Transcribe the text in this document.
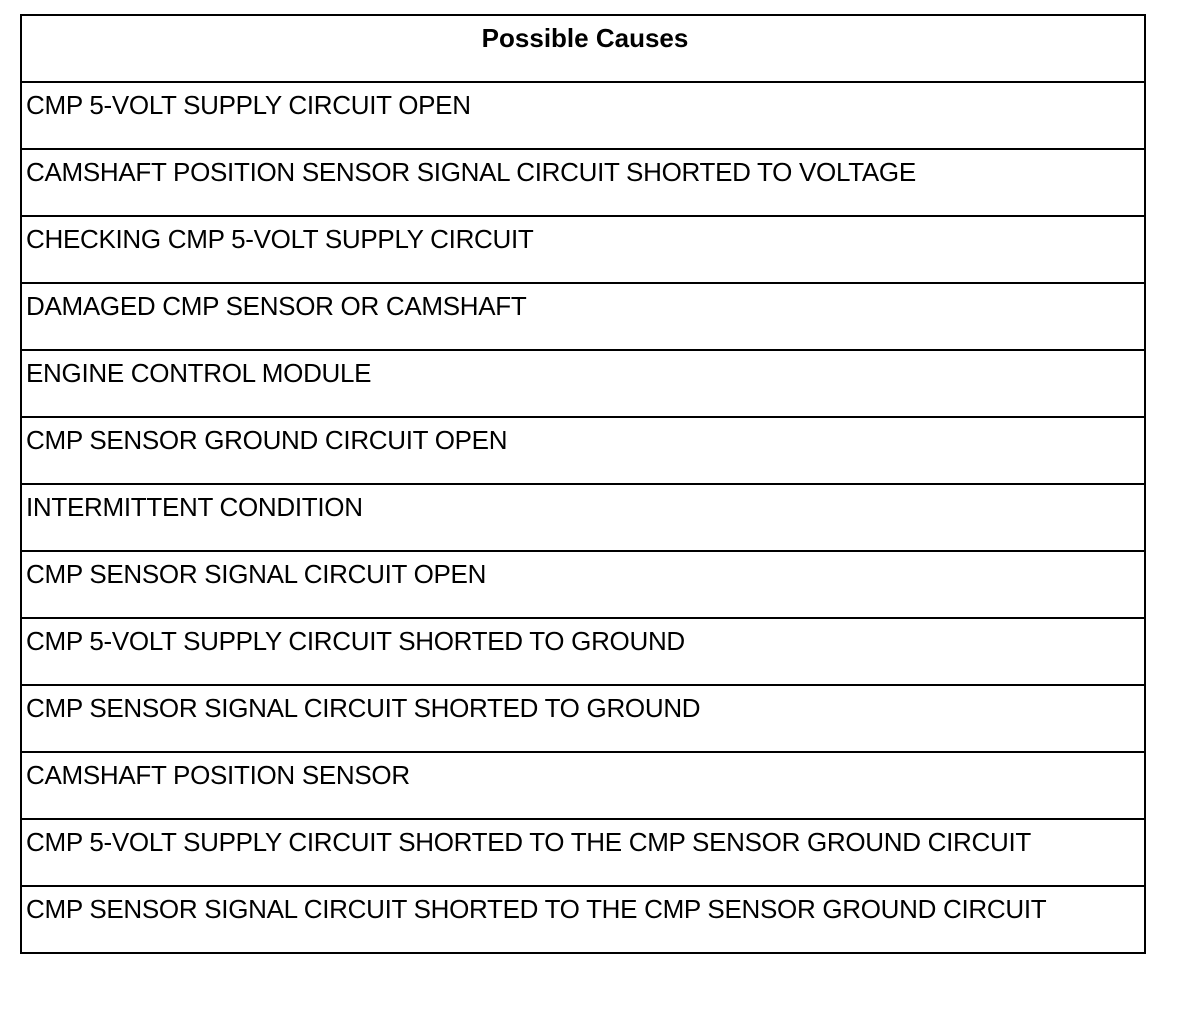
Possible Causes
CMP 5-VOLT SUPPLY CIRCUIT OPEN
CAMSHAFT POSITION SENSOR SIGNAL CIRCUIT SHORTED TO VOLTAGE
CHECKING CMP 5-VOLT SUPPLY CIRCUIT
DAMAGED CMP SENSOR OR CAMSHAFT
ENGINE CONTROL MODULE
CMP SENSOR GROUND CIRCUIT OPEN
INTERMITTENT CONDITION
CMP SENSOR SIGNAL CIRCUIT OPEN
CMP 5-VOLT SUPPLY CIRCUIT SHORTED TO GROUND
CMP SENSOR SIGNAL CIRCUIT SHORTED TO GROUND
CAMSHAFT POSITION SENSOR
CMP 5-VOLT SUPPLY CIRCUIT SHORTED TO THE CMP SENSOR GROUND CIRCUIT
CMP SENSOR SIGNAL CIRCUIT SHORTED TO THE CMP SENSOR GROUND CIRCUIT
